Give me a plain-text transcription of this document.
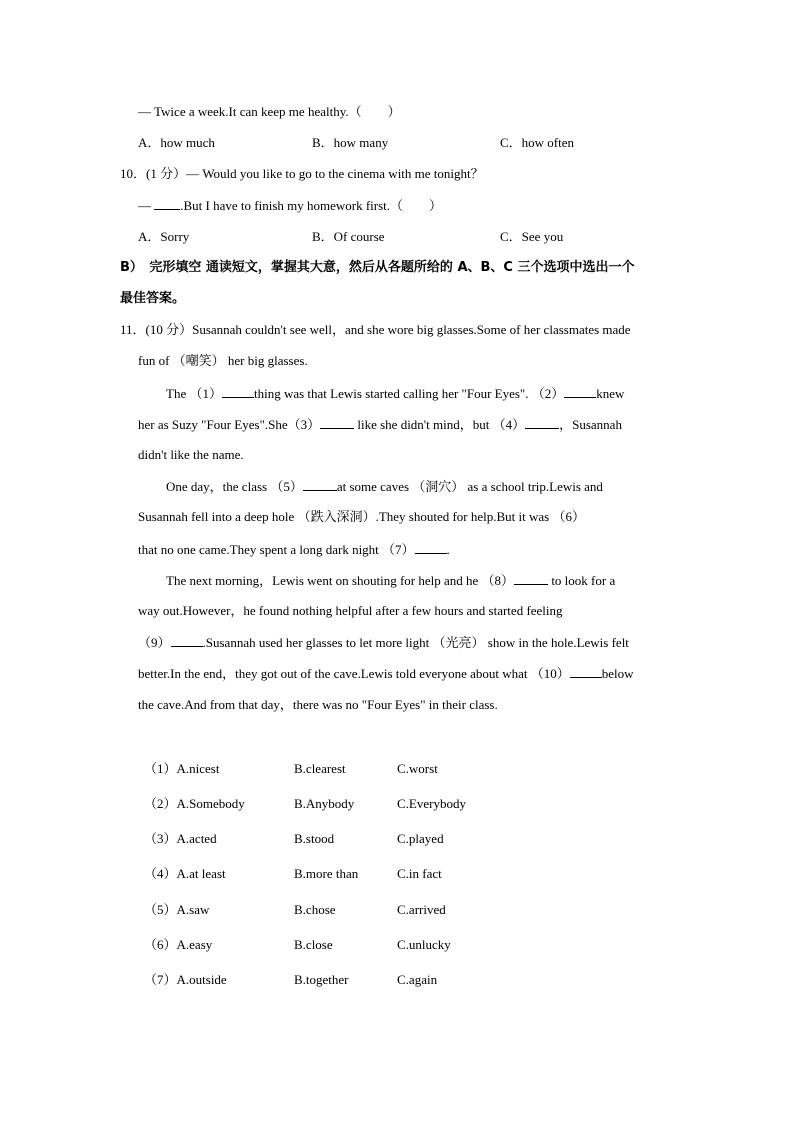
— Twice a week.It can keep me healthy.（　　）
A．how much	B．how many	C．how often
10．(1 分）— Would you like to go to the cinema with me tonight？
— .But I have to finish my homework first.（　　）
A．Sorry	B．Of course	C．See you
B）　完形填空 通读短文，掌握其大意，然后从各题所给的 A、B、C 三个选项中选出一个
最佳答案。
11．(10 分）Susannah couldn't see well，and she wore big glasses.Some of her classmates made
fun of （嘲笑） her big glasses.
The （1） thing was that Lewis started calling her "Four Eyes". （2） knew
her as Suzy "Four Eyes".She（3）	like she didn't mind，but （4）	，Susannah
didn't like the name.
One day，the class （5）	at some caves （洞穴） as a school trip.Lewis and
Susannah fell into a deep hole （跌入深洞）.They shouted for help.But it was （6）
that no one came.They spent a long dark night （7） .
The next morning，Lewis went on shouting for help and he （8）	to look for a
way out.However，he found nothing helpful after a few hours and started feeling
（9） .Susannah used her glasses to let more light （光亮） show in the hole.Lewis felt
better.In the end，they got out of the cave.Lewis told everyone about what （10） below
the cave.And from that day，there was no "Four Eyes" in their class.
（1）A.nicest	B.clearest	C.worst
（2）A.Somebody	B.Anybody	C.Everybody
（3）A.acted	B.stood	C.played
（4）A.at least	B.more than	C.in fact
（5）A.saw	B.chose	C.arrived
（6）A.easy	B.close	C.unlucky
（7）A.outside	B.together	C.again
